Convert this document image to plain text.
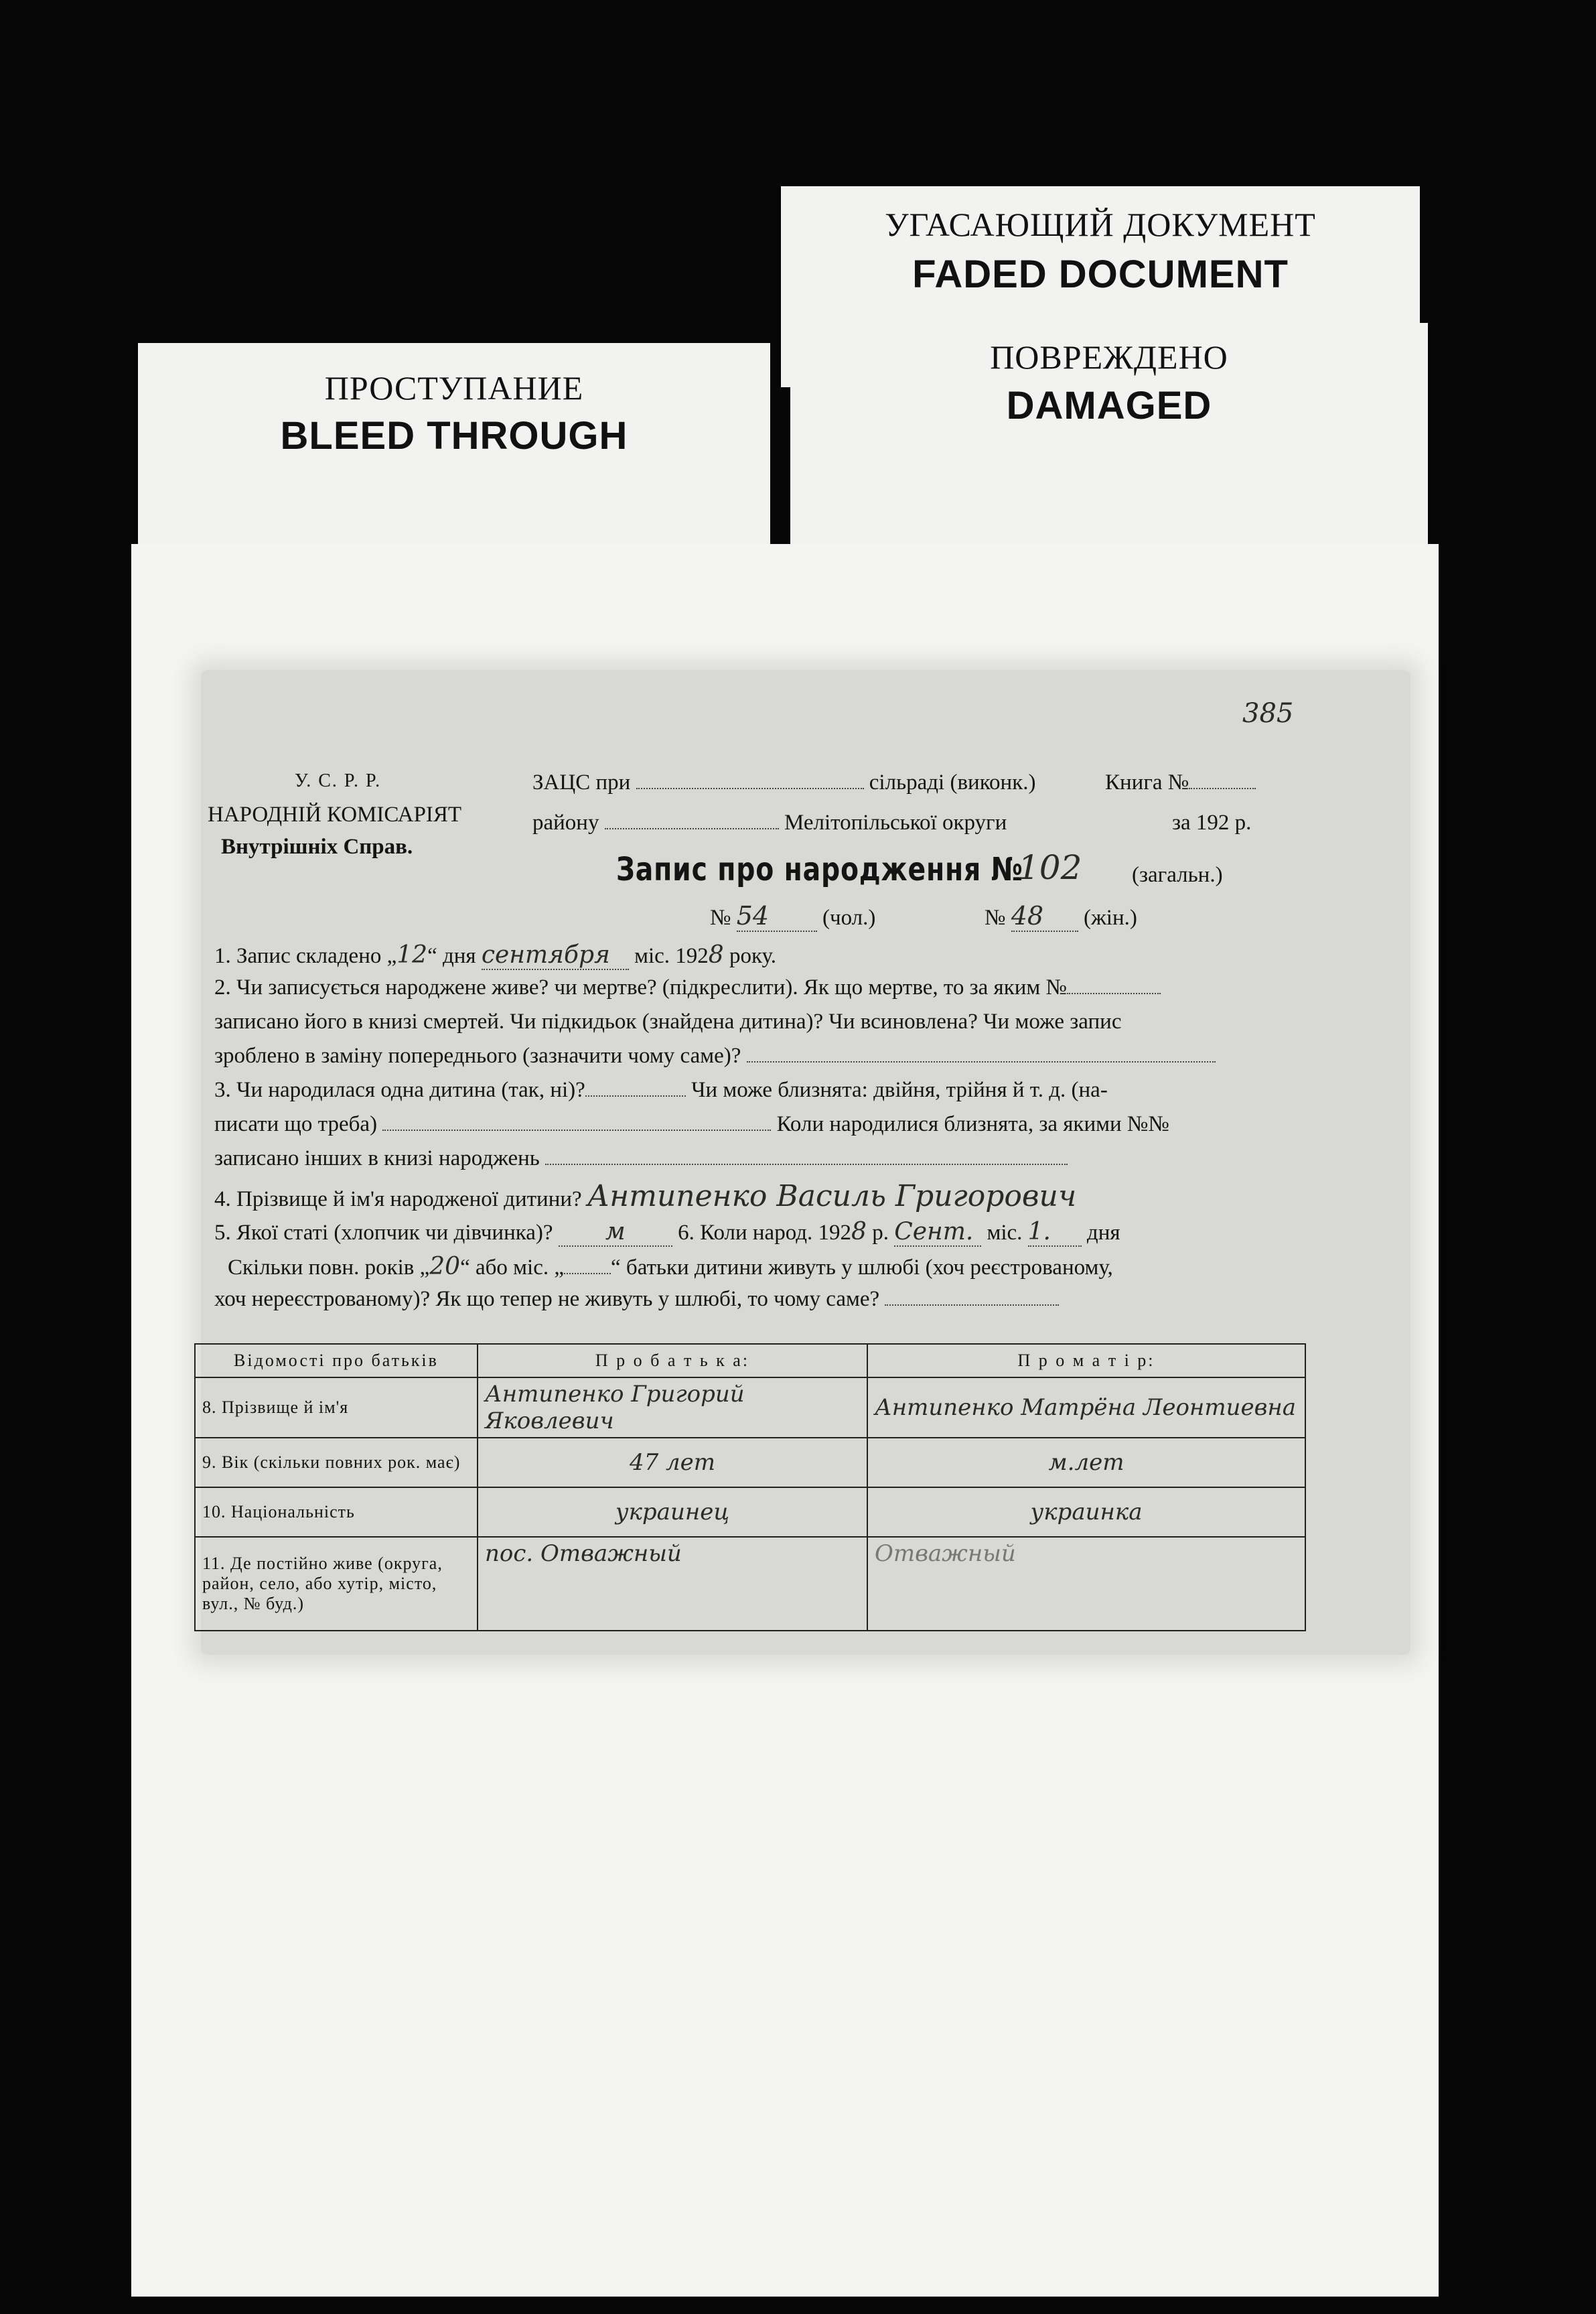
УГАСАЮЩИЙ ДОКУМЕНТ
FADED DOCUMENT
ПОВРЕЖДЕНО
DAMAGED
ПРОСТУПАНИЕ
BLEED THROUGH
385
У. С. Р. Р.
НАРОДНІЙ КОМІСАРІЯТ
Внутрішніх Справ.
ЗАЦС при	сільраді (виконк.)	Книга №
району	Мелітопільської округи	за 192 р.
Запис про народження №
102 (загальн.)
№ 54 (чол.)	№ 48 (жін.)
1. Запис складено „12“ дня сентября міс. 1928 року.
2. Чи записується народжене живе? чи мертве? (підкреслити). Як що мертве, то за яким №
записано його в книзі смертей. Чи підкидьок (знайдена дитина)? Чи всиновлена? Чи може запис
зроблено в заміну попереднього (зазначити чому саме)?
3. Чи народилася одна дитина (так, ні)?	Чи може близнята: двійня, трійня й т. д. (на-
писати що треба)	Коли народилися близнята, за якими №№
записано інших в книзі народжень
4. Прізвище й ім'я народженої дитини? Антипенко Василь Григорович
5. Якої статі (хлопчик чи дівчинка)? м 6. Коли народ. 1928 р. Сент. міс. 1. дня
Скільки повн. років „20“ або міс. „ “ батьки дитини живуть у шлюбі (хоч реєстрованому,
хоч нереєстрованому)? Як що тепер не живуть у шлюбі, то чому саме?
Відомості про батьків	П р о б а т ь к а:	П р о м а т і р:
8. Прізвище й ім'я	Антипенко Григорий Яковлевич	Антипенко Матрёна Леонтиевна
9. Вік (скільки повних рок. має)	47 лет	м.лет
10. Національність	украинец	украинка
11. Де постійно живе (округа, район, село, або хутір, місто, вул., № буд.)	пос. Отважный	Отважный
